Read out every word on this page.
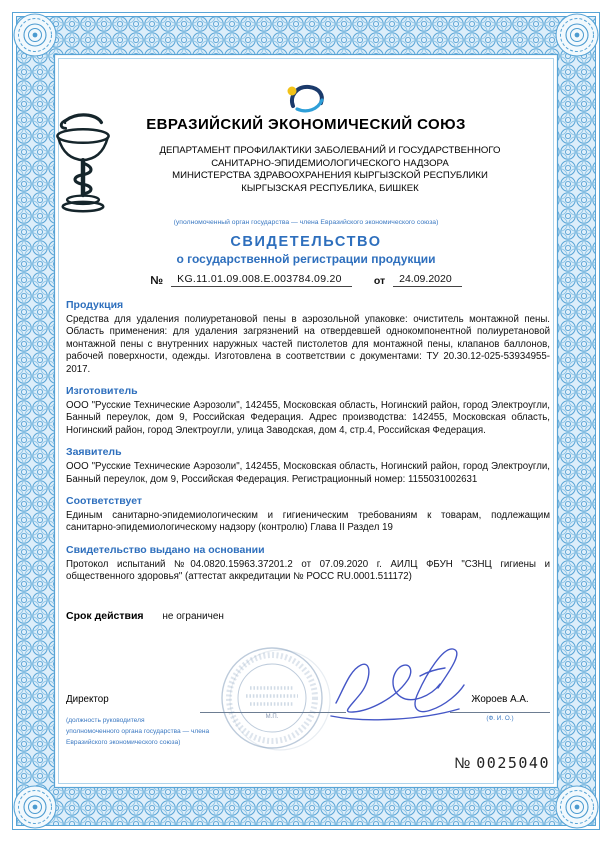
ЕВРАЗИЙСКИЙ ЭКОНОМИЧЕСКИЙ СОЮЗ
ДЕПАРТАМЕНТ ПРОФИЛАКТИКИ ЗАБОЛЕВАНИЙ И ГОСУДАРСТВЕННОГО
САНИТАРНО-ЭПИДЕМИОЛОГИЧЕСКОГО НАДЗОРА
МИНИСТЕРСТВА ЗДРАВООХРАНЕНИЯ КЫРГЫЗСКОЙ РЕСПУБЛИКИ
КЫРГЫЗСКАЯ РЕСПУБЛИКА, БИШКЕК
(уполномоченный орган государства — члена Евразийского экономического союза)
СВИДЕТЕЛЬСТВО
о государственной регистрации продукции
№	KG.11.01.09.008.Е.003784.09.20	от	24.09.2020
Продукция

Средства для удаления полиуретановой пены в аэрозольной упаковке: очиститель монтажной пены. Область применения: для удаления загрязнений на отвердевшей однокомпонентной полиуретановой монтажной пены с внутренних наружных частей пистолетов для монтажной пены, клапанов баллонов, рабочей поверхности, одежды. Изготовлена в соответствии с документами: ТУ 20.30.12-025-53934955-2017.

Изготовитель

ООО "Русские Технические Аэрозоли", 142455, Московская область, Ногинский район, город Электроугли, Банный переулок, дом 9, Российская Федерация. Адрес производства: 142455, Московская область, Ногинский район, город Электроугли, улица Заводская, дом 4, стр.4, Российская Федерация.

Заявитель

ООО "Русские Технические Аэрозоли", 142455, Московская область, Ногинский район, город Электроугли, Банный переулок, дом 9, Российская Федерация. Регистрационный номер: 1155031002631

Соответствует

Единым санитарно-эпидемиологическим и гигиеническим требованиям к товарам, подлежащим санитарно-эпидемиологическому надзору (контролю) Глава II Раздел 19

Свидетельство выдано на основании

Протокол испытаний №04.0820.15963.37201.2 от 07.09.2020 г. АИЛЦ ФБУН "СЗНЦ гигиены и общественного здоровья" (аттестат аккредитации № РОСС RU.0001.511172)

Срок действия не ограничен
Директор	Жороев А.А.
(Ф. И. О.)
(должность руководителя
уполномоченного органа государства — члена
Евразийского экономического союза)
№ 0025040
М.П.
